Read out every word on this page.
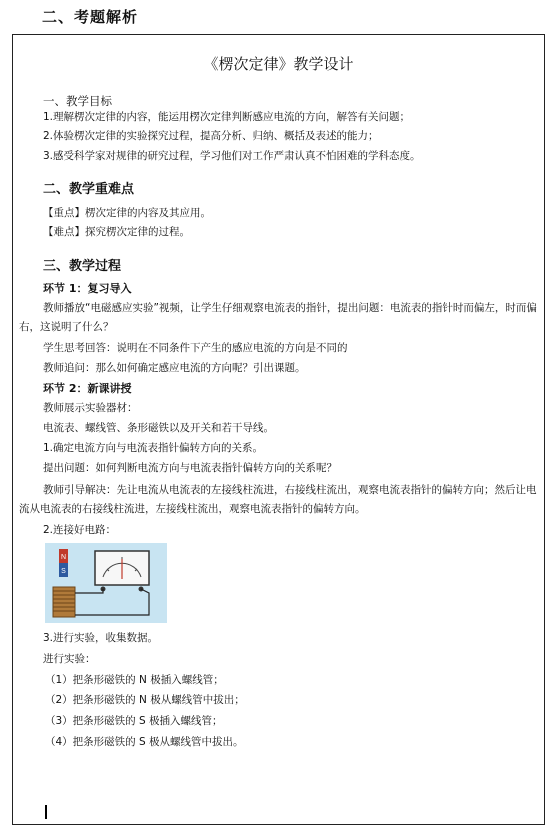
二、考题解析
《楞次定律》教学设计
一、教学目标
1.理解楞次定律的内容，能运用楞次定律判断感应电流的方向，解答有关问题；
2.体验楞次定律的实验探究过程，提高分析、归纳、概括及表述的能力；
3.感受科学家对规律的研究过程，学习他们对工作严肃认真不怕困难的学科态度。
二、教学重难点
【重点】楞次定律的内容及其应用。
【难点】探究楞次定律的过程。
三、教学过程
环节 1：复习导入
教师播放“电磁感应实验”视频，让学生仔细观察电流表的指针，提出问题：电流表的指针时而偏左，时而偏右，这说明了什么？
学生思考回答：说明在不同条件下产生的感应电流的方向是不同的
教师追问：那么如何确定感应电流的方向呢？引出课题。
环节 2：新课讲授
教师展示实验器材：
电流表、螺线管、条形磁铁以及开关和若干导线。
1.确定电流方向与电流表指针偏转方向的关系。
提出问题：如何判断电流方向与电流表指针偏转方向的关系呢？
教师引导解决：先让电流从电流表的左接线柱流进，右接线柱流出，观察电流表指针的偏转方向；然后让电流从电流表的右接线柱流进，左接线柱流出，观察电流表指针的偏转方向。
2.连接好电路：
N
S
3.进行实验，收集数据。
进行实验：
（1）把条形磁铁的 N 极插入螺线管；
（2）把条形磁铁的 N 极从螺线管中拔出；
（3）把条形磁铁的 S 极插入螺线管；
（4）把条形磁铁的 S 极从螺线管中拔出。
